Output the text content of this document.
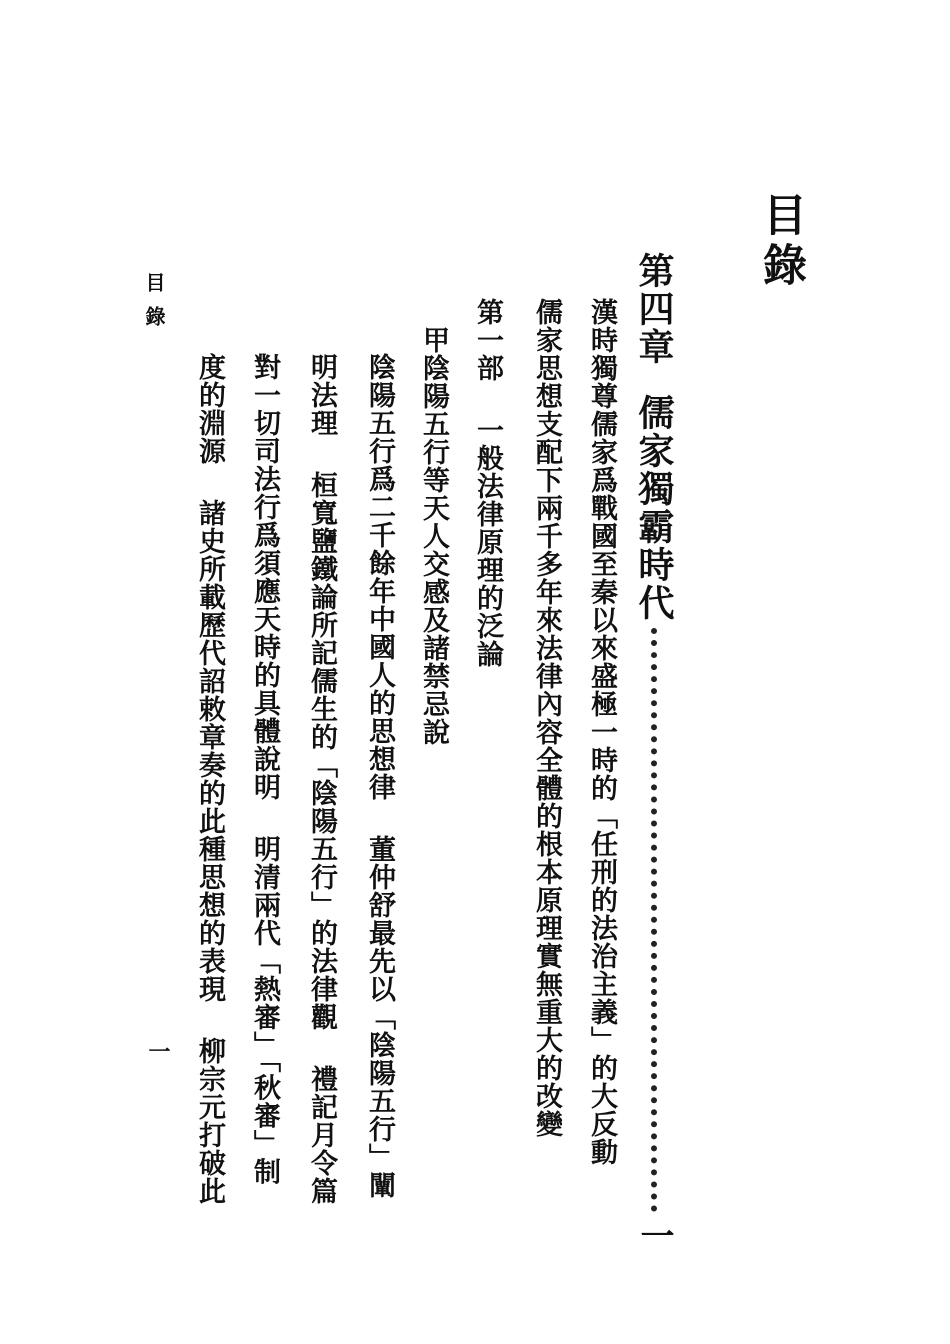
目錄
第四章
儒家獨霸時代
一
漢時獨尊儒家爲戰國至秦以來盛極一時的「任刑的法治主義」的大反動
儒家思想支配下兩千多年來法律內容全體的根本原理實無重大的改變
第一部一般法律原理的泛論
甲陰陽五行等天人交感及諸禁忌說
陰陽五行爲二千餘年中國人的思想律董仲舒最先以「陰陽五行」闡
明法理桓寬鹽鐵論所記儒生的「陰陽五行」的法律觀禮記月令篇
對一切司法行爲須應天時的具體說明明清兩代「熱審」「秋審」制
度的淵源諸史所載歷代詔敕章奏的此種思想的表現柳宗元打破此
目錄
一
